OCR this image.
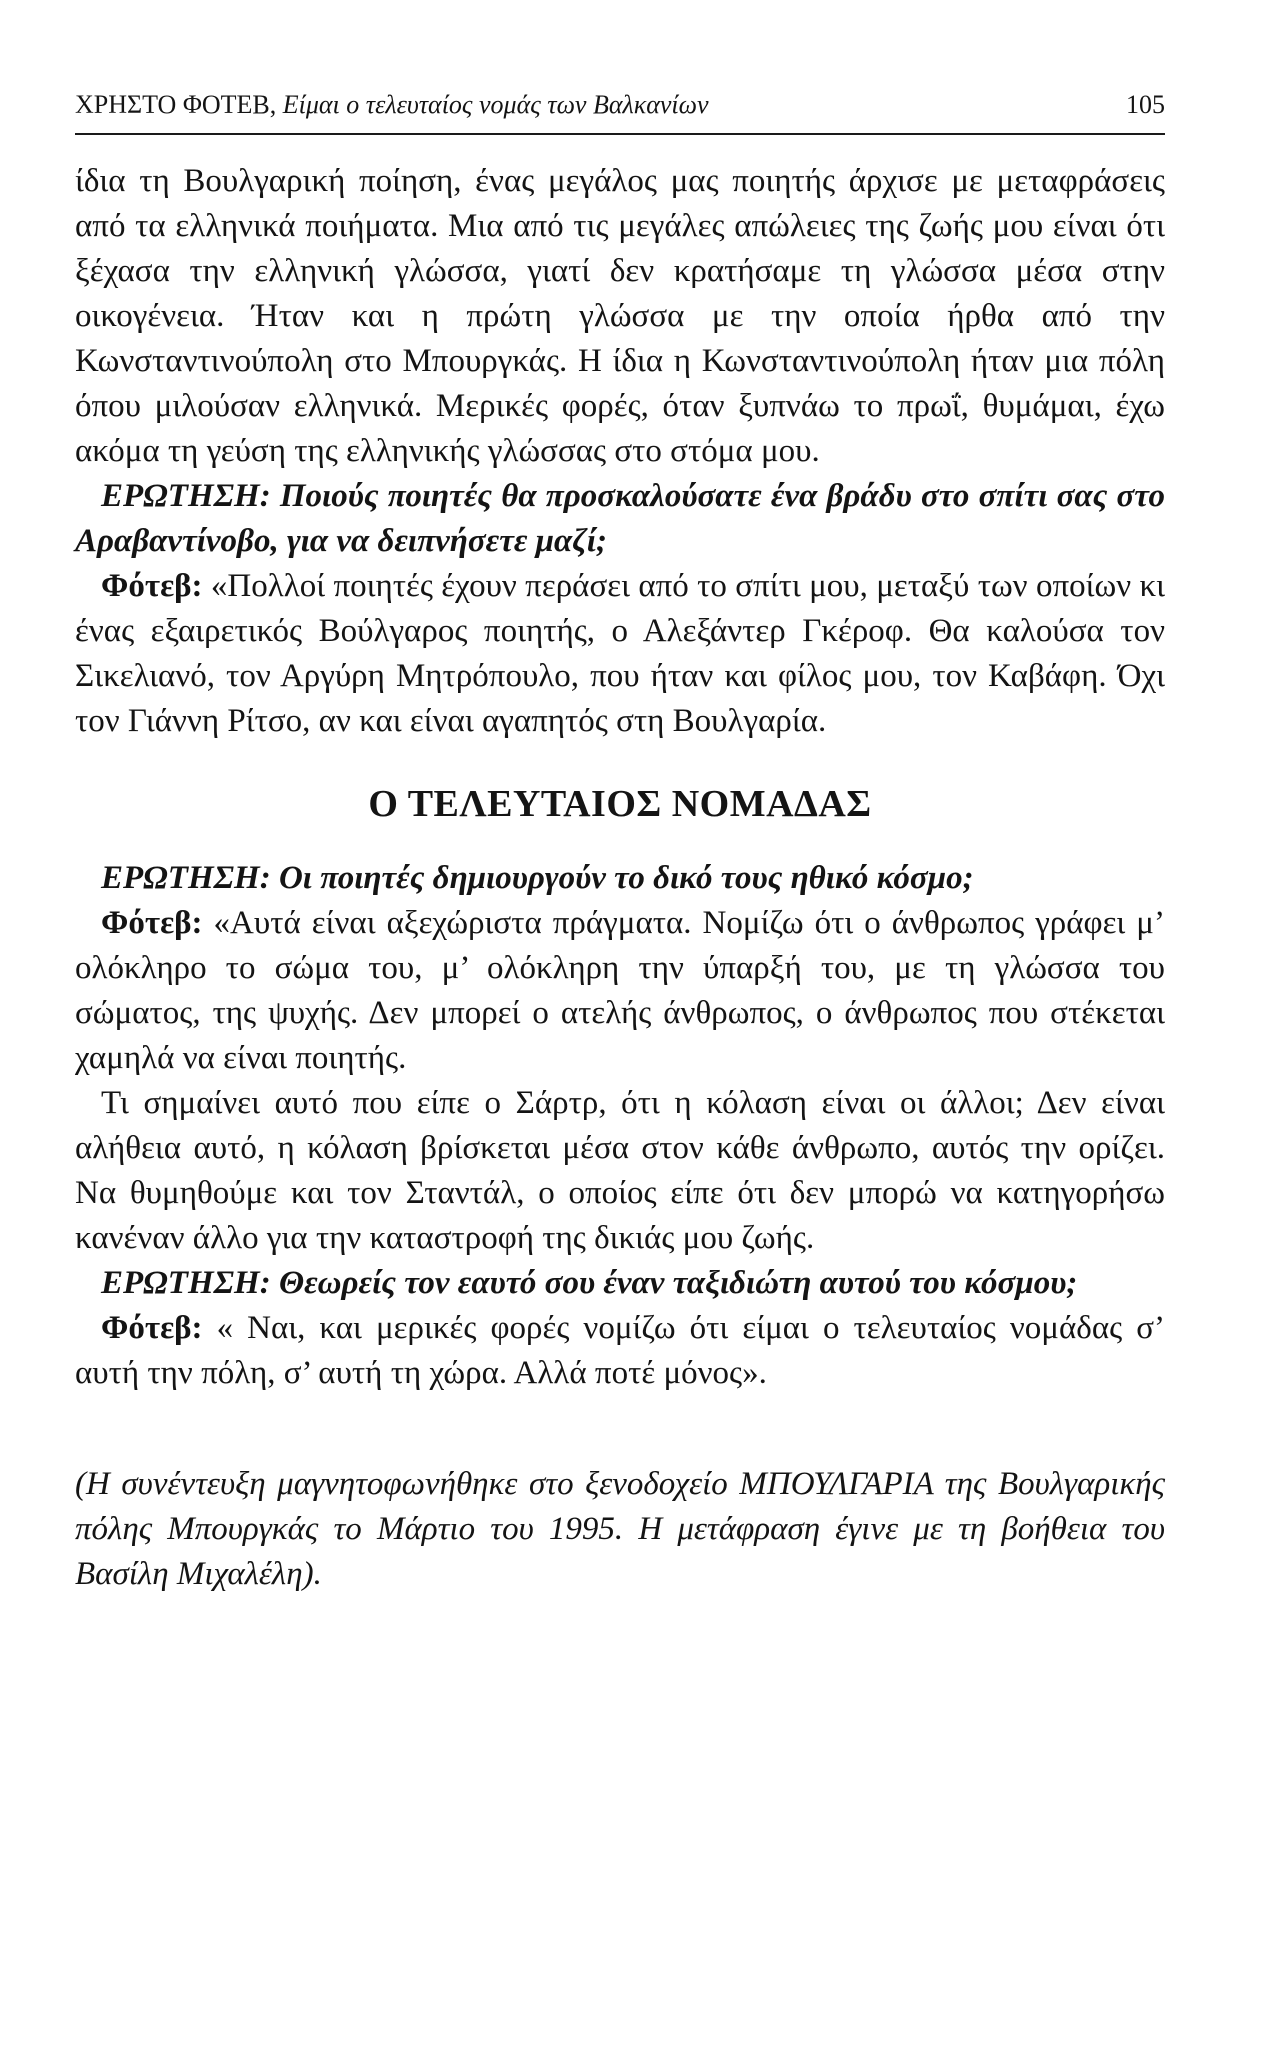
ΧΡΗΣΤΟ ΦΟΤΕΒ, Είμαι ο τελευταίος νομάς των Βαλκανίων	105

ίδια τη Βουλγαρική ποίηση, ένας μεγάλος μας ποιητής άρχισε με μεταφράσεις από τα ελληνικά ποιήματα. Μια από τις μεγάλες απώλειες της ζωής μου είναι ότι ξέχασα την ελληνική γλώσσα, γιατί δεν κρατήσαμε τη γλώσσα μέσα στην οικογένεια. Ήταν και η πρώτη γλώσσα με την οποία ήρθα από την Κωνσταντινούπολη στο Μπουργκάς. Η ίδια η Κωνσταντινούπολη ήταν μια πόλη όπου μιλούσαν ελληνικά. Μερικές φορές, όταν ξυπνάω το πρωΐ, θυμάμαι, έχω ακόμα τη γεύση της ελληνικής γλώσσας στο στόμα μου.

ΕΡΩΤΗΣΗ: Ποιούς ποιητές θα προσκαλούσατε ένα βράδυ στο σπίτι σας στο Αραβαντίνοβο, για να δειπνήσετε μαζί;

Φότεβ: «Πολλοί ποιητές έχουν περάσει από το σπίτι μου, μεταξύ των οποίων κι ένας εξαιρετικός Βούλγαρος ποιητής, ο Αλεξάντερ Γκέροφ. Θα καλούσα τον Σικελιανό, τον Αργύρη Μητρόπουλο, που ήταν και φίλος μου, τον Καβάφη. Όχι τον Γιάννη Ρίτσο, αν και είναι αγαπητός στη Βουλγαρία.

Ο ΤΕΛΕΥΤΑΙΟΣ ΝΟΜΑΔΑΣ

ΕΡΩΤΗΣΗ: Οι ποιητές δημιουργούν το δικό τους ηθικό κόσμο;

Φότεβ: «Αυτά είναι αξεχώριστα πράγματα. Νομίζω ότι ο άνθρωπος γράφει μ’ ολόκληρο το σώμα του, μ’ ολόκληρη την ύπαρξή του, με τη γλώσσα του σώματος, της ψυχής. Δεν μπορεί ο ατελής άνθρωπος, ο άνθρωπος που στέκεται χαμηλά να είναι ποιητής.

Τι σημαίνει αυτό που είπε ο Σάρτρ, ότι η κόλαση είναι οι άλλοι; Δεν είναι αλήθεια αυτό, η κόλαση βρίσκεται μέσα στον κάθε άνθρωπο, αυτός την ορίζει. Να θυμηθούμε και τον Σταντάλ, ο οποίος είπε ότι δεν μπορώ να κατηγορήσω κανέναν άλλο για την καταστροφή της δικιάς μου ζωής.

ΕΡΩΤΗΣΗ: Θεωρείς τον εαυτό σου έναν ταξιδιώτη αυτού του κόσμου;

Φότεβ: « Ναι, και μερικές φορές νομίζω ότι είμαι ο τελευταίος νομάδας σ’ αυτή την πόλη, σ’ αυτή τη χώρα. Αλλά ποτέ μόνος».

(Η συνέντευξη μαγνητοφωνήθηκε στο ξενοδοχείο ΜΠΟΥΛΓΑΡΙΑ της Βουλγαρικής πόλης Μπουργκάς το Μάρτιο του 1995. Η μετάφραση έγινε με τη βοήθεια του Βασίλη Μιχαλέλη).
